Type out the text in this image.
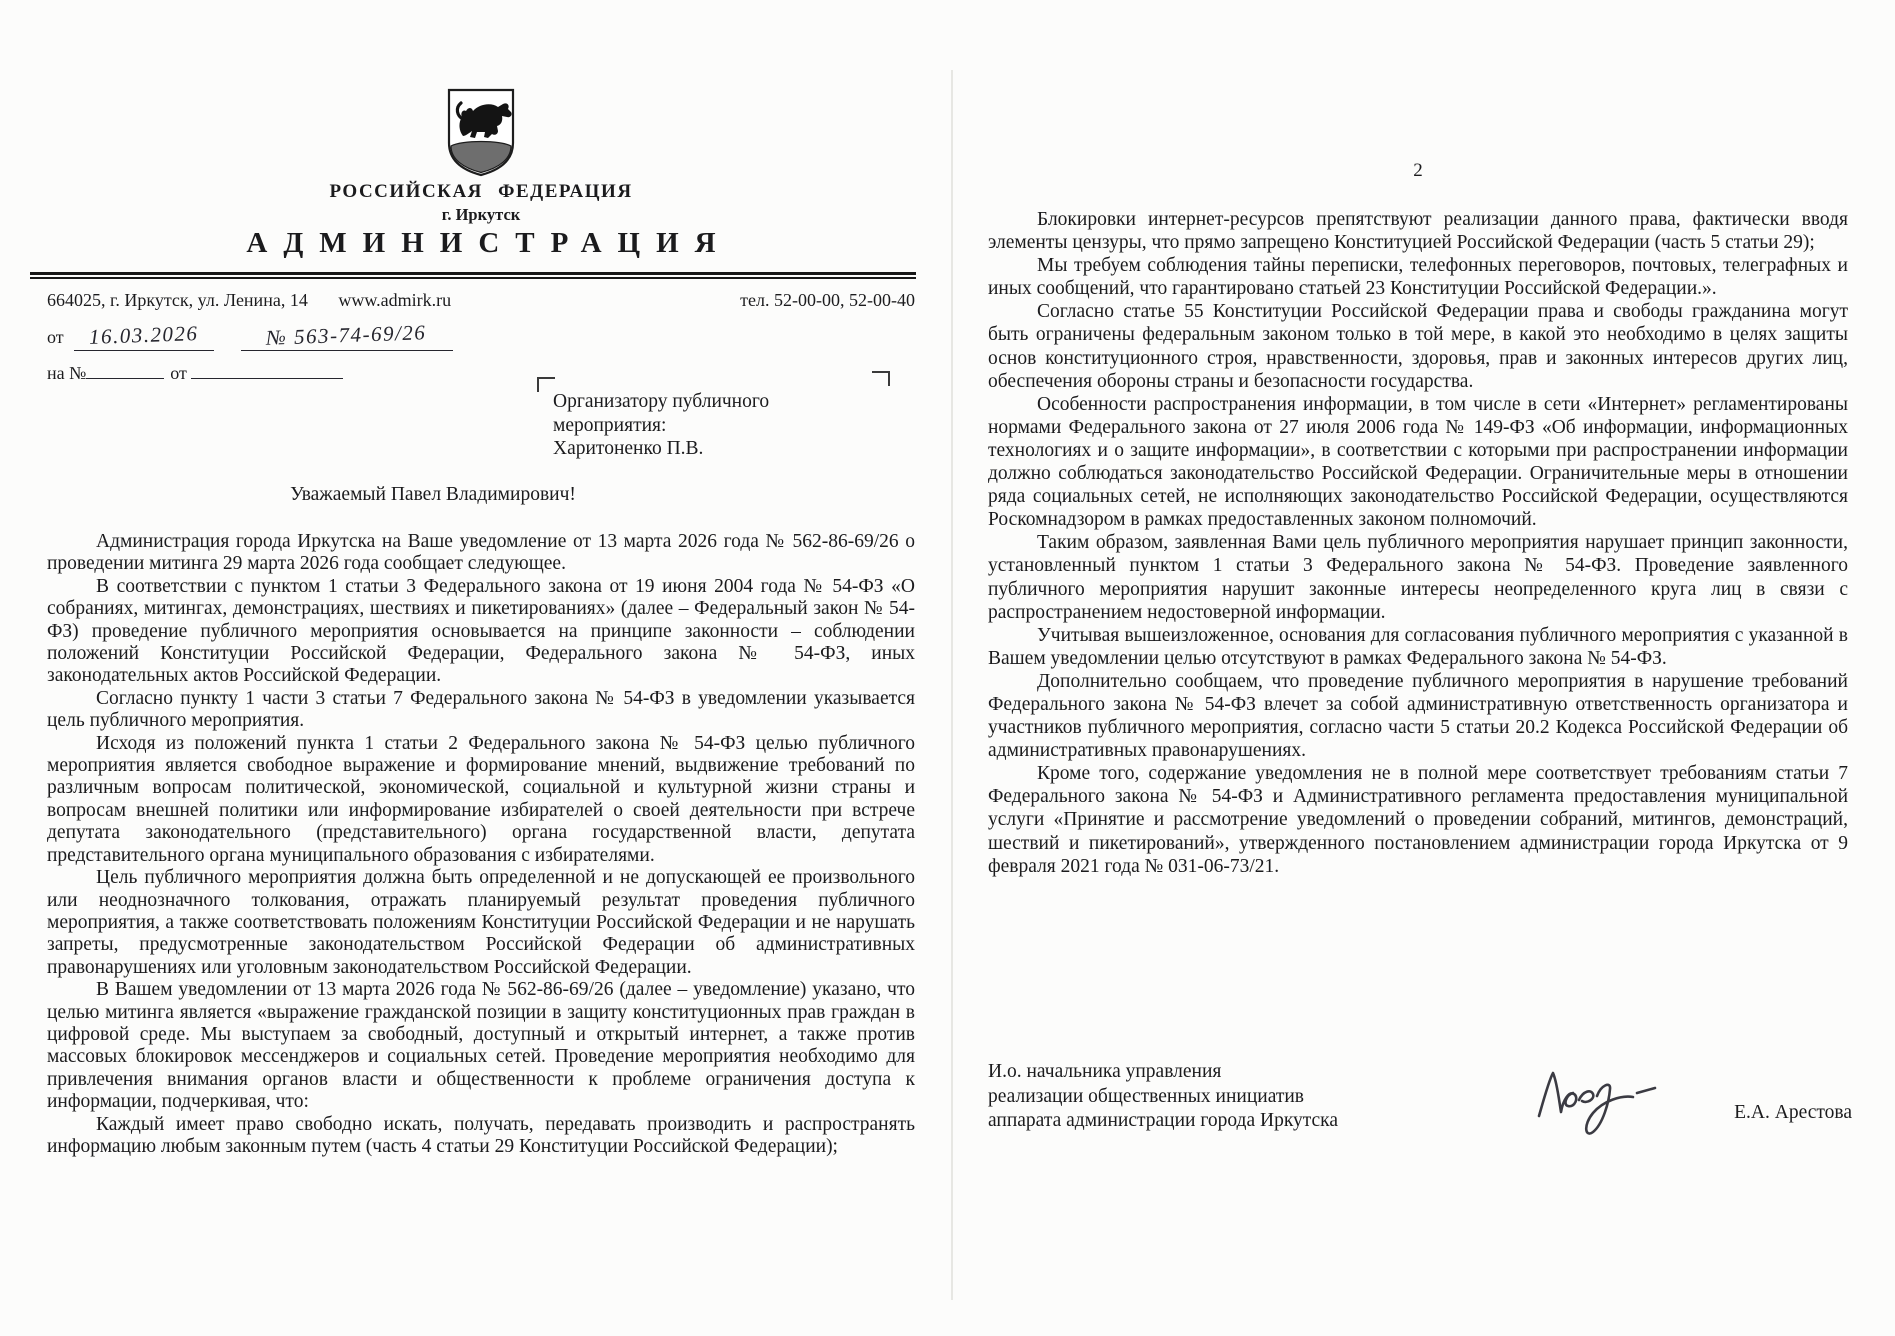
РОССИЙСКАЯ ФЕДЕРАЦИЯ
г. Иркутск
АДМИНИСТРАЦИЯ
664025, г. Иркутск, ул. Ленина, 14 www.admirk.ru	тел. 52-00-00, 52-00-40
от 16.03.2026	№ 563-74-69/26
на №	от
Организатору публичного
мероприятия:
Харитоненко П.В.
Уважаемый Павел Владимирович!

Администрация города Иркутска на Ваше уведомление от 13 марта 2026 года № 562-86-69/26 о проведении митинга 29 марта 2026 года сообщает следующее.

В соответствии с пунктом 1 статьи 3 Федерального закона от 19 июня 2004 года № 54-ФЗ «О собраниях, митингах, демонстрациях, шествиях и пикетированиях» (далее – Федеральный закон № 54-ФЗ) проведение публичного мероприятия основывается на принципе законности – соблюдении положений Конституции Российской Федерации, Федерального закона № 54-ФЗ, иных законодательных актов Российской Федерации.

Согласно пункту 1 части 3 статьи 7 Федерального закона № 54-ФЗ в уведомлении указывается цель публичного мероприятия.

Исходя из положений пункта 1 статьи 2 Федерального закона № 54-ФЗ целью публичного мероприятия является свободное выражение и формирование мнений, выдвижение требований по различным вопросам политической, экономической, социальной и культурной жизни страны и вопросам внешней политики или информирование избирателей о своей деятельности при встрече депутата законодательного (представительного) органа государственной власти, депутата представительного органа муниципального образования с избирателями.

Цель публичного мероприятия должна быть определенной и не допускающей ее произвольного или неоднозначного толкования, отражать планируемый результат проведения публичного мероприятия, а также соответствовать положениям Конституции Российской Федерации и не нарушать запреты, предусмотренные законодательством Российской Федерации об административных правонарушениях или уголовным законодательством Российской Федерации.

В Вашем уведомлении от 13 марта 2026 года № 562-86-69/26 (далее – уведомление) указано, что целью митинга является «выражение гражданской позиции в защиту конституционных прав граждан в цифровой среде. Мы выступаем за свободный, доступный и открытый интернет, а также против массовых блокировок мессенджеров и социальных сетей. Проведение мероприятия необходимо для привлечения внимания органов власти и общественности к проблеме ограничения доступа к информации, подчеркивая, что:

Каждый имеет право свободно искать, получать, передавать производить и распространять информацию любым законным путем (часть 4 статьи 29 Конституции Российской Федерации);

2

Блокировки интернет-ресурсов препятствуют реализации данного права, фактически вводя элементы цензуры, что прямо запрещено Конституцией Российской Федерации (часть 5 статьи 29);

Мы требуем соблюдения тайны переписки, телефонных переговоров, почтовых, телеграфных и иных сообщений, что гарантировано статьей 23 Конституции Российской Федерации.».

Согласно статье 55 Конституции Российской Федерации права и свободы гражданина могут быть ограничены федеральным законом только в той мере, в какой это необходимо в целях защиты основ конституционного строя, нравственности, здоровья, прав и законных интересов других лиц, обеспечения обороны страны и безопасности государства.

Особенности распространения информации, в том числе в сети «Интернет» регламентированы нормами Федерального закона от 27 июля 2006 года № 149-ФЗ «Об информации, информационных технологиях и о защите информации», в соответствии с которыми при распространении информации должно соблюдаться законодательство Российской Федерации. Ограничительные меры в отношении ряда социальных сетей, не исполняющих законодательство Российской Федерации, осуществляются Роскомнадзором в рамках предоставленных законом полномочий.

Таким образом, заявленная Вами цель публичного мероприятия нарушает принцип законности, установленный пунктом 1 статьи 3 Федерального закона № 54-ФЗ. Проведение заявленного публичного мероприятия нарушит законные интересы неопределенного круга лиц в связи с распространением недостоверной информации.

Учитывая вышеизложенное, основания для согласования публичного мероприятия с указанной в Вашем уведомлении целью отсутствуют в рамках Федерального закона № 54-ФЗ.

Дополнительно сообщаем, что проведение публичного мероприятия в нарушение требований Федерального закона № 54-ФЗ влечет за собой административную ответственность организатора и участников публичного мероприятия, согласно части 5 статьи 20.2 Кодекса Российской Федерации об административных правонарушениях.

Кроме того, содержание уведомления не в полной мере соответствует требованиям статьи 7 Федерального закона № 54-ФЗ и Административного регламента предоставления муниципальной услуги «Принятие и рассмотрение уведомлений о проведении собраний, митингов, демонстраций, шествий и пикетирований», утвержденного постановлением администрации города Иркутска от 9 февраля 2021 года № 031-06-73/21.

И.о. начальника управления
реализации общественных инициатив
аппарата администрации города Иркутска	Е.А. Арестова
